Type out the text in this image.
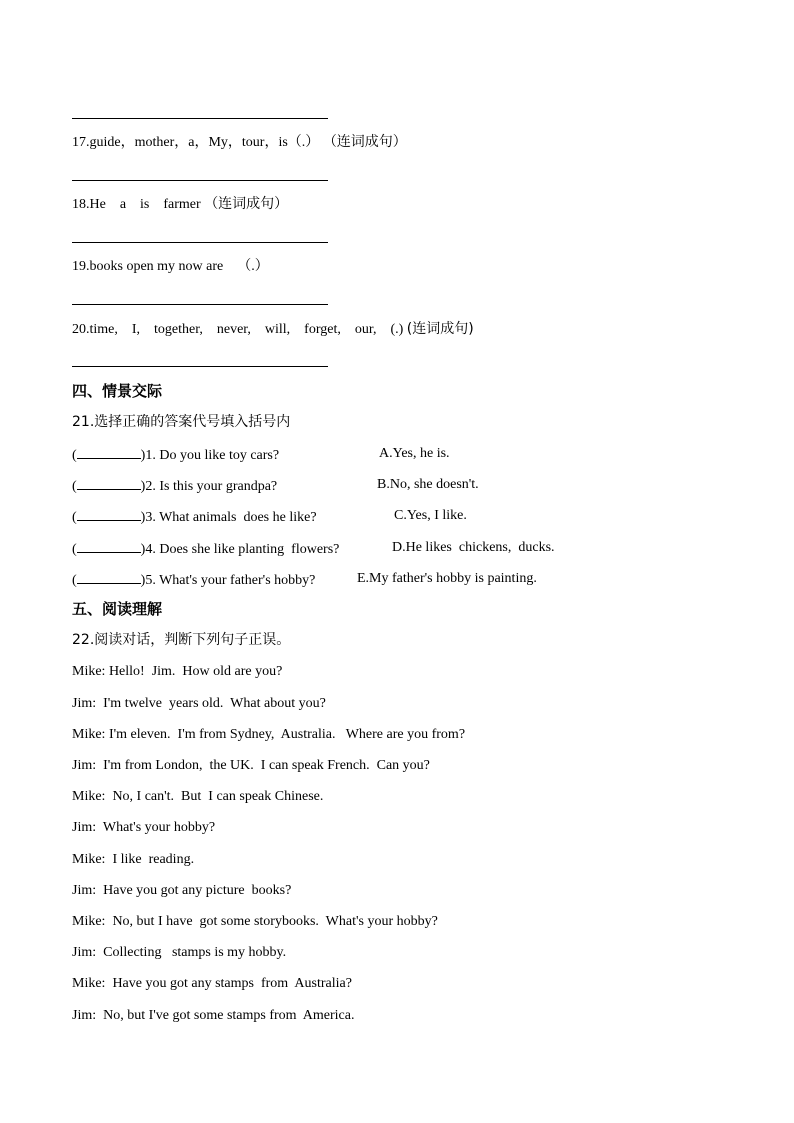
17.guide，mother，a，My，tour，is（.） （连词成句）
18.He    a    is    farmer （连词成句）
19.books open my now are    （.）
20.time,    I,    together,    never,    will,    forget,    our,    (.) (连词成句)
四、情景交际
21.选择正确的答案代号填入括号内
(	)1. Do you like toy cars?	A.Yes, he is.
(	)2. Is this your grandpa?	B.No, she doesn't.
(	)3. What animals  does he like?	C.Yes, I like.
(	)4. Does she like planting  flowers?	D.He likes  chickens,  ducks.
(	)5. What's your father's hobby?	E.My father's hobby is painting.
五、阅读理解
22.阅读对话，判断下列句子正误。
Mike: Hello!  Jim.  How old are you?
Jim:  I'm twelve  years old.  What about you?
Mike: I'm eleven.  I'm from Sydney,  Australia.   Where are you from?
Jim:  I'm from London,  the UK.  I can speak French.  Can you?
Mike:  No, I can't.  But  I can speak Chinese.
Jim:  What's your hobby?
Mike:  I like  reading.
Jim:  Have you got any picture  books?
Mike:  No, but I have  got some storybooks.  What's your hobby?
Jim:  Collecting   stamps is my hobby.
Mike:  Have you got any stamps  from  Australia?
Jim:  No, but I've got some stamps from  America.
